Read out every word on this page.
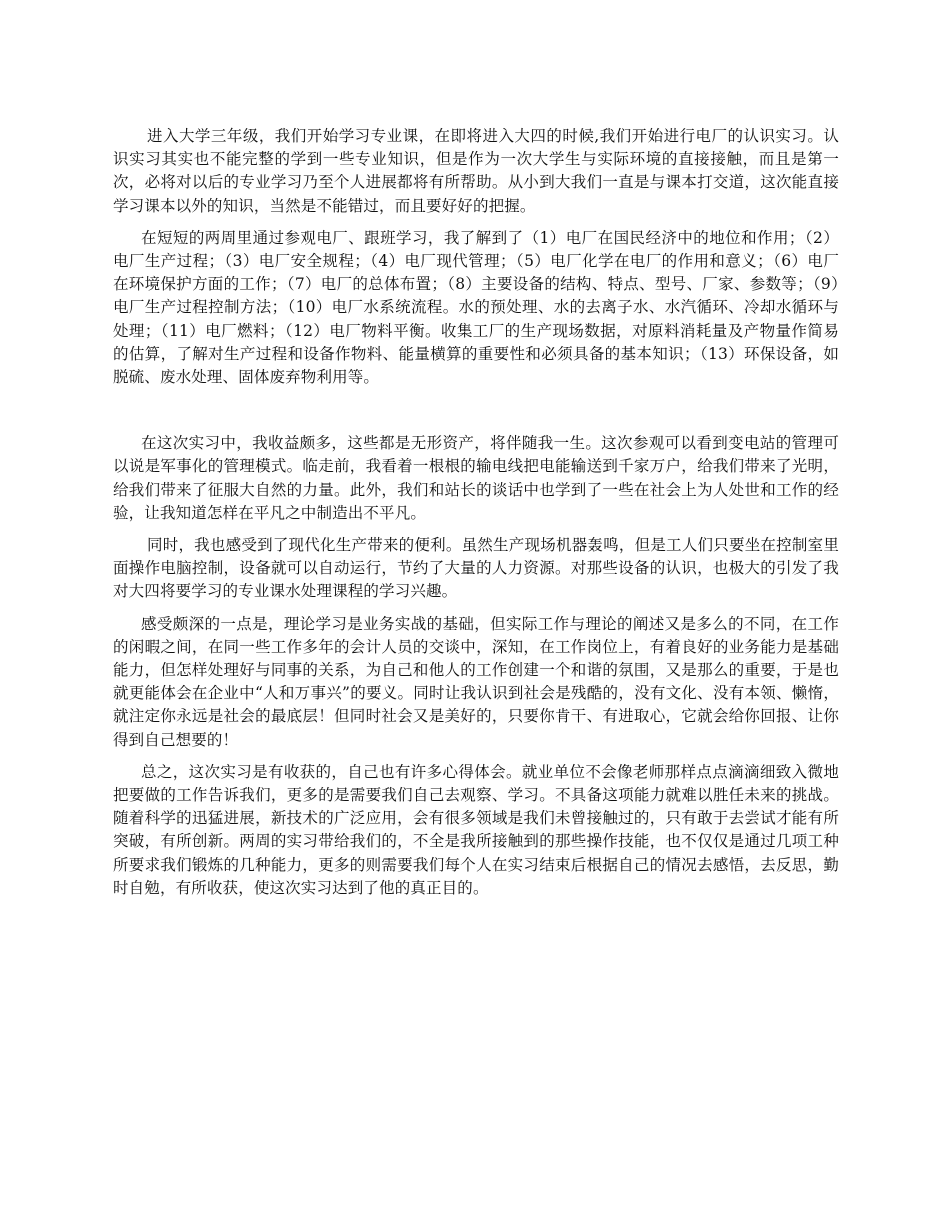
进入大学三年级，我们开始学习专业课，在即将进入大四的时候,我们开始进行电厂的认识实习。认识实习其实也不能完整的学到一些专业知识，但是作为一次大学生与实际环境的直接接触，而且是第一次，必将对以后的专业学习乃至个人进展都将有所帮助。从小到大我们一直是与课本打交道，这次能直接学习课本以外的知识，当然是不能错过，而且要好好的把握。

在短短的两周里通过参观电厂、跟班学习，我了解到了（1）电厂在国民经济中的地位和作用；（2）电厂生产过程；（3）电厂安全规程；（4）电厂现代管理；（5）电厂化学在电厂的作用和意义；（6）电厂在环境保护方面的工作；（7）电厂的总体布置；（8）主要设备的结构、特点、型号、厂家、参数等；（9）电厂生产过程控制方法；（10）电厂水系统流程。水的预处理、水的去离子水、水汽循环、冷却水循环与处理；（11）电厂燃料；（12）电厂物料平衡。收集工厂的生产现场数据，对原料消耗量及产物量作简易的估算，了解对生产过程和设备作物料、能量横算的重要性和必须具备的基本知识；（13）环保设备，如脱硫、废水处理、固体废弃物利用等。

在这次实习中，我收益颇多，这些都是无形资产，将伴随我一生。这次参观可以看到变电站的管理可以说是军事化的管理模式。临走前，我看着一根根的输电线把电能输送到千家万户，给我们带来了光明，给我们带来了征服大自然的力量。此外，我们和站长的谈话中也学到了一些在社会上为人处世和工作的经验，让我知道怎样在平凡之中制造出不平凡。

同时，我也感受到了现代化生产带来的便利。虽然生产现场机器轰鸣，但是工人们只要坐在控制室里面操作电脑控制，设备就可以自动运行，节约了大量的人力资源。对那些设备的认识，也极大的引发了我对大四将要学习的专业课水处理课程的学习兴趣。

感受颇深的一点是，理论学习是业务实战的基础，但实际工作与理论的阐述又是多么的不同，在工作的闲暇之间，在同一些工作多年的会计人员的交谈中，深知，在工作岗位上，有着良好的业务能力是基础能力，但怎样处理好与同事的关系，为自己和他人的工作创建一个和谐的氛围，又是那么的重要，于是也就更能体会在企业中“人和万事兴”的要义。同时让我认识到社会是残酷的，没有文化、没有本领、懒惰，就注定你永远是社会的最底层！但同时社会又是美好的，只要你肯干、有进取心，它就会给你回报、让你得到自己想要的！

总之，这次实习是有收获的，自己也有许多心得体会。就业单位不会像老师那样点点滴滴细致入微地把要做的工作告诉我们，更多的是需要我们自己去观察、学习。不具备这项能力就难以胜任未来的挑战。随着科学的迅猛进展，新技术的广泛应用，会有很多领域是我们未曾接触过的，只有敢于去尝试才能有所突破，有所创新。两周的实习带给我们的，不全是我所接触到的那些操作技能，也不仅仅是通过几项工种所要求我们锻炼的几种能力，更多的则需要我们每个人在实习结束后根据自己的情况去感悟，去反思，勤时自勉，有所收获，使这次实习达到了他的真正目的。
